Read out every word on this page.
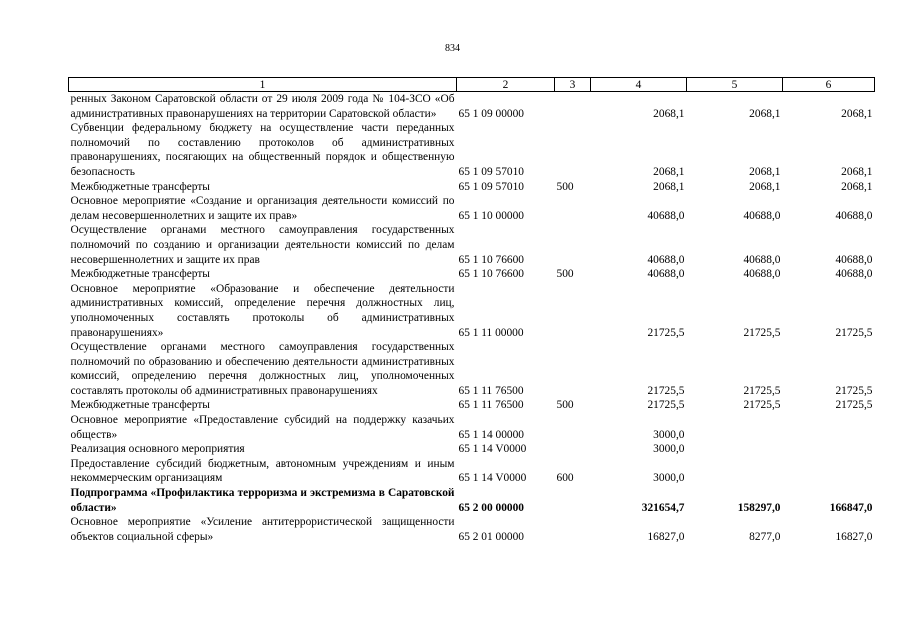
834
1	2	3	4	5	6
ренных Законом Саратовской области от 29 июля 2009 года № 104-ЗСО «Об административных правонарушениях на территории Саратовской области»	65 1 09 00000		2068,1	2068,1	2068,1
Субвенции федеральному бюджету на осуществление части переданных полномочий по составлению протоколов об административных правонарушениях, посягающих на общественный порядок и общественную безопасность	65 1 09 57010		2068,1	2068,1	2068,1
Межбюджетные трансферты	65 1 09 57010	500	2068,1	2068,1	2068,1
Основное мероприятие «Создание и организация деятельности комиссий по делам несовершеннолетних и защите их прав»	65 1 10 00000		40688,0	40688,0	40688,0
Осуществление органами местного самоуправления государственных полномочий по созданию и организации деятельности комиссий по делам несовершеннолетних и защите их прав	65 1 10 76600		40688,0	40688,0	40688,0
Межбюджетные трансферты	65 1 10 76600	500	40688,0	40688,0	40688,0
Основное мероприятие «Образование и обеспечение деятельности административных комиссий, определение перечня должностных лиц, уполномоченных составлять протоколы об административных правонарушениях»	65 1 11 00000		21725,5	21725,5	21725,5
Осуществление органами местного самоуправления государственных полномочий по образованию и обеспечению деятельности административных комиссий, определению перечня должностных лиц, уполномоченных составлять протоколы об административных правонарушениях	65 1 11 76500		21725,5	21725,5	21725,5
Межбюджетные трансферты	65 1 11 76500	500	21725,5	21725,5	21725,5
Основное мероприятие «Предоставление субсидий на поддержку казачьих обществ»	65 1 14 00000		3000,0		
Реализация основного мероприятия	65 1 14 V0000		3000,0		
Предоставление субсидий бюджетным, автономным учреждениям и иным некоммерческим организациям	65 1 14 V0000	600	3000,0		
Подпрограмма «Профилактика терроризма и экстремизма в Саратовской области»	65 2 00 00000		321654,7	158297,0	166847,0
Основное мероприятие «Усиление антитеррористической защищенности объектов социальной сферы»	65 2 01 00000		16827,0	8277,0	16827,0
